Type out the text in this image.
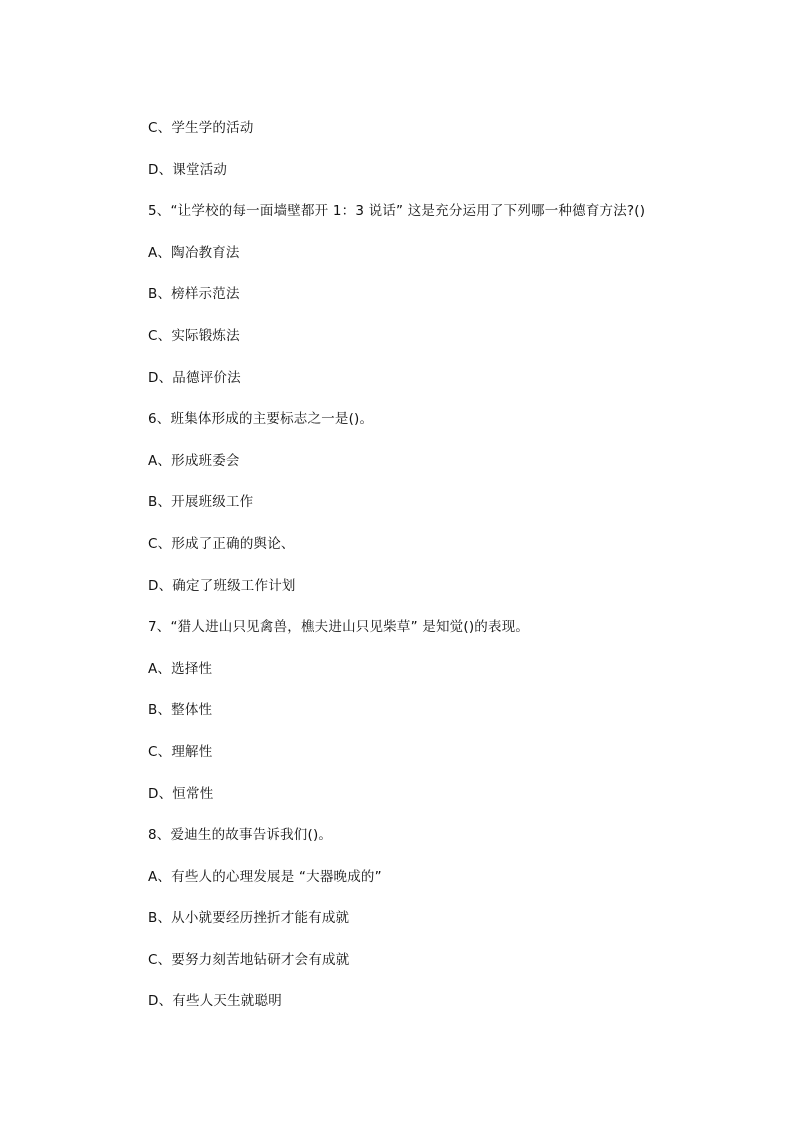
C、学生学的活动
D、课堂活动
5、“让学校的每一面墙壁都开 1：3 说话” 这是充分运用了下列哪一种德育方法?()
A、陶冶教育法
B、榜样示范法
C、实际锻炼法
D、品德评价法
6、班集体形成的主要标志之一是()。
A、形成班委会
B、开展班级工作
C、形成了正确的舆论、
D、确定了班级工作计划
7、“猎人进山只见禽兽，樵夫进山只见柴草” 是知觉()的表现。
A、选择性
B、整体性
C、理解性
D、恒常性
8、爱迪生的故事告诉我们()。
A、有些人的心理发展是 “大器晚成的”
B、从小就要经历挫折才能有成就
C、要努力刻苦地钻研才会有成就
D、有些人天生就聪明
